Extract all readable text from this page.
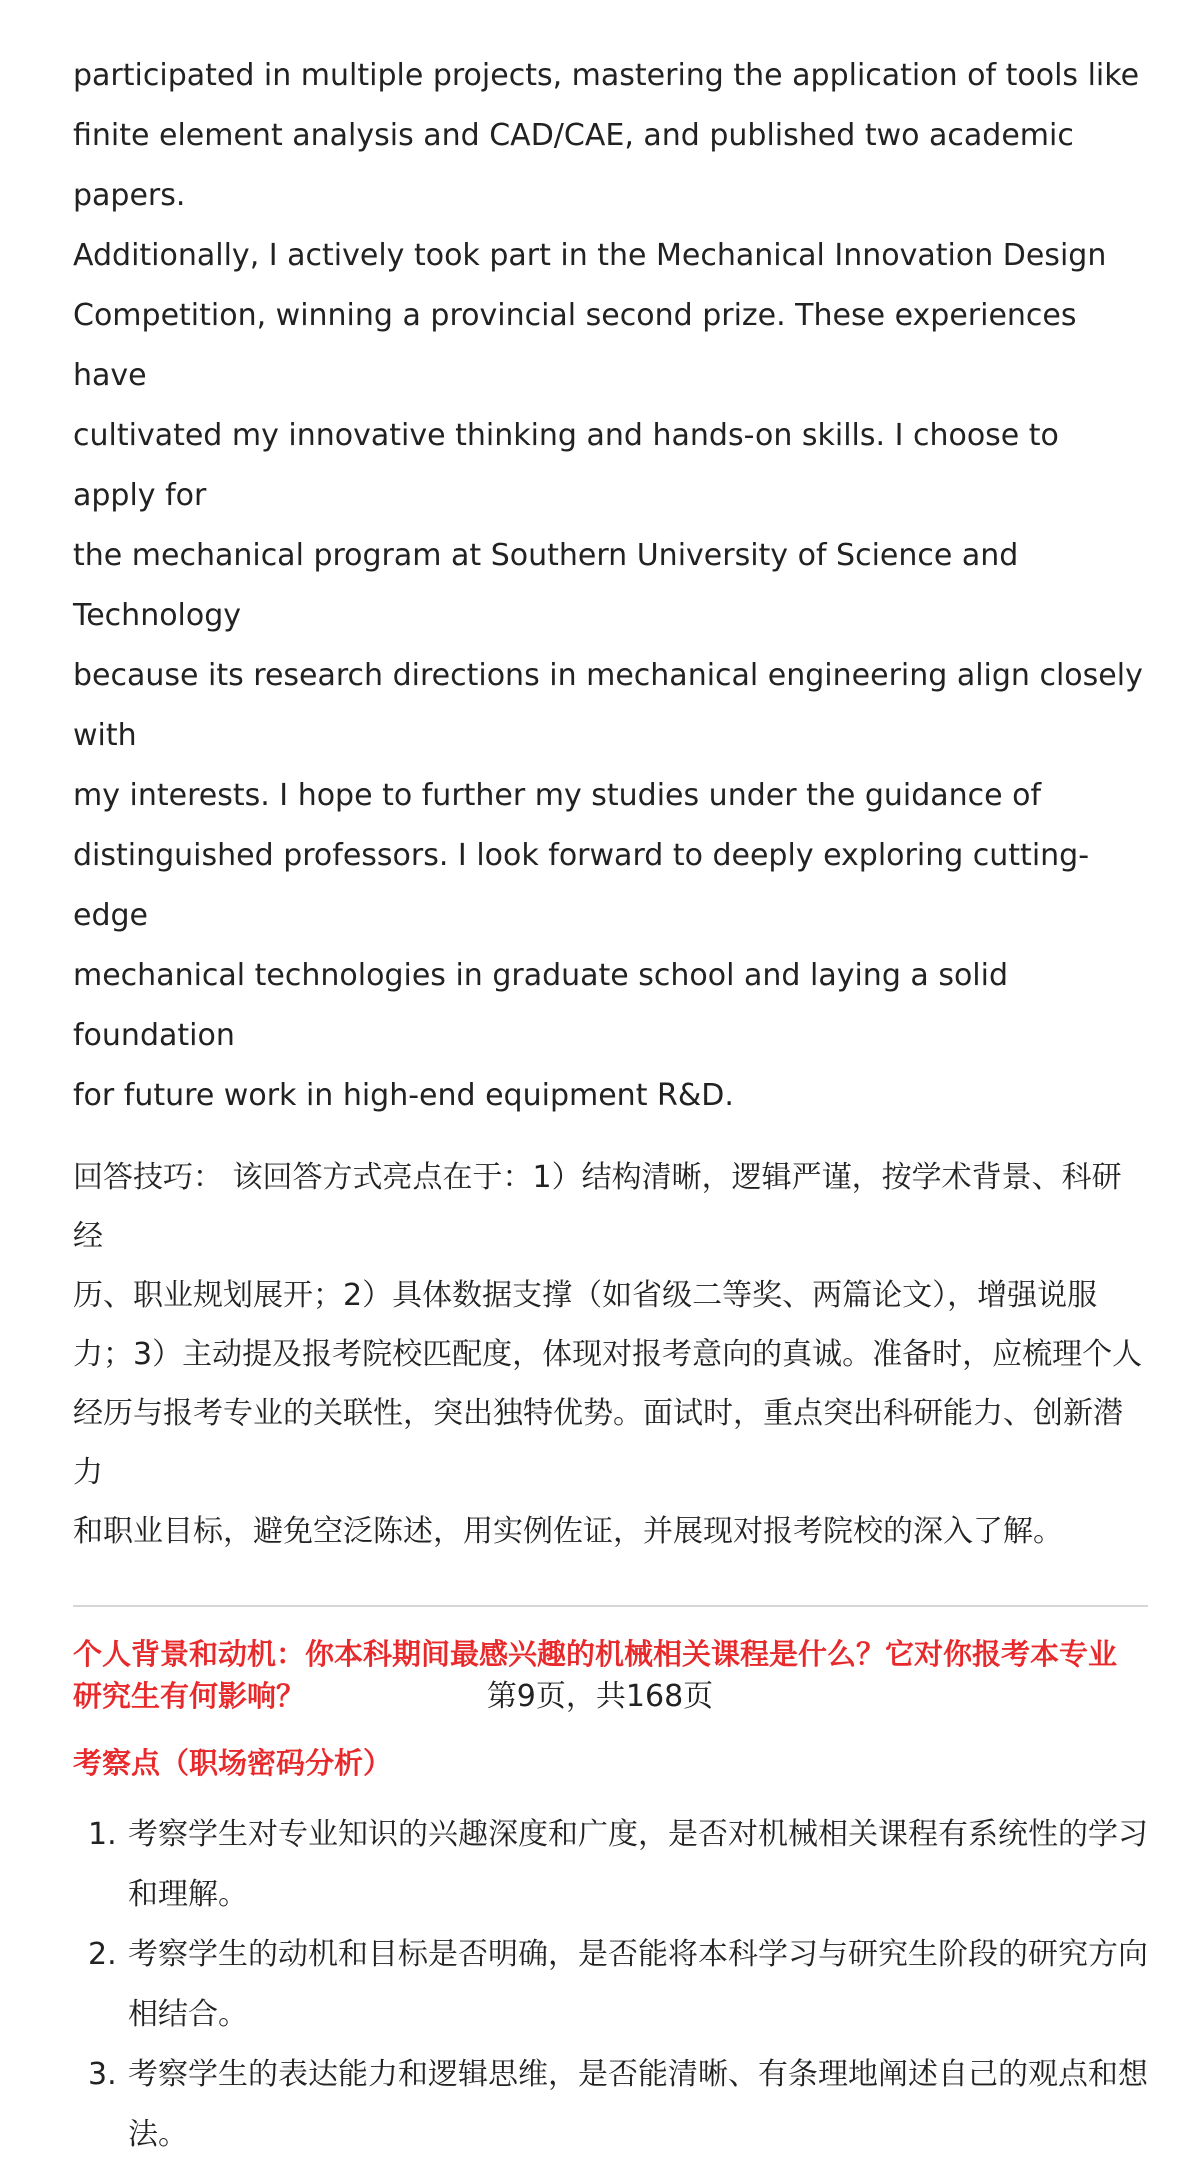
participated in multiple projects, mastering the application of tools like
finite element analysis and CAD/CAE, and published two academic papers.
Additionally, I actively took part in the Mechanical Innovation Design
Competition, winning a provincial second prize. These experiences have
cultivated my innovative thinking and hands-on skills. I choose to apply for
the mechanical program at Southern University of Science and Technology
because its research directions in mechanical engineering align closely with
my interests. I hope to further my studies under the guidance of
distinguished professors. I look forward to deeply exploring cutting-edge
mechanical technologies in graduate school and laying a solid foundation
for future work in high-end equipment R&D.

回答技巧： 该回答方式亮点在于：1）结构清晰，逻辑严谨，按学术背景、科研经
历、职业规划展开；2）具体数据支撑（如省级二等奖、两篇论文），增强说服
力；3）主动提及报考院校匹配度，体现对报考意向的真诚。准备时，应梳理个人
经历与报考专业的关联性，突出独特优势。面试时，重点突出科研能力、创新潜力
和职业目标，避免空泛陈述，用实例佐证，并展现对报考院校的深入了解。

个人背景和动机：你本科期间最感兴趣的机械相关课程是什么？它对你报考本专业
研究生有何影响？

考察点（职场密码分析）

1. 考察学生对专业知识的兴趣深度和广度，是否对机械相关课程有系统性的学习
和理解。
2. 考察学生的动机和目标是否明确，是否能将本科学习与研究生阶段的研究方向
相结合。
3. 考察学生的表达能力和逻辑思维，是否能清晰、有条理地阐述自己的观点和想
法。
第9页，共168页
